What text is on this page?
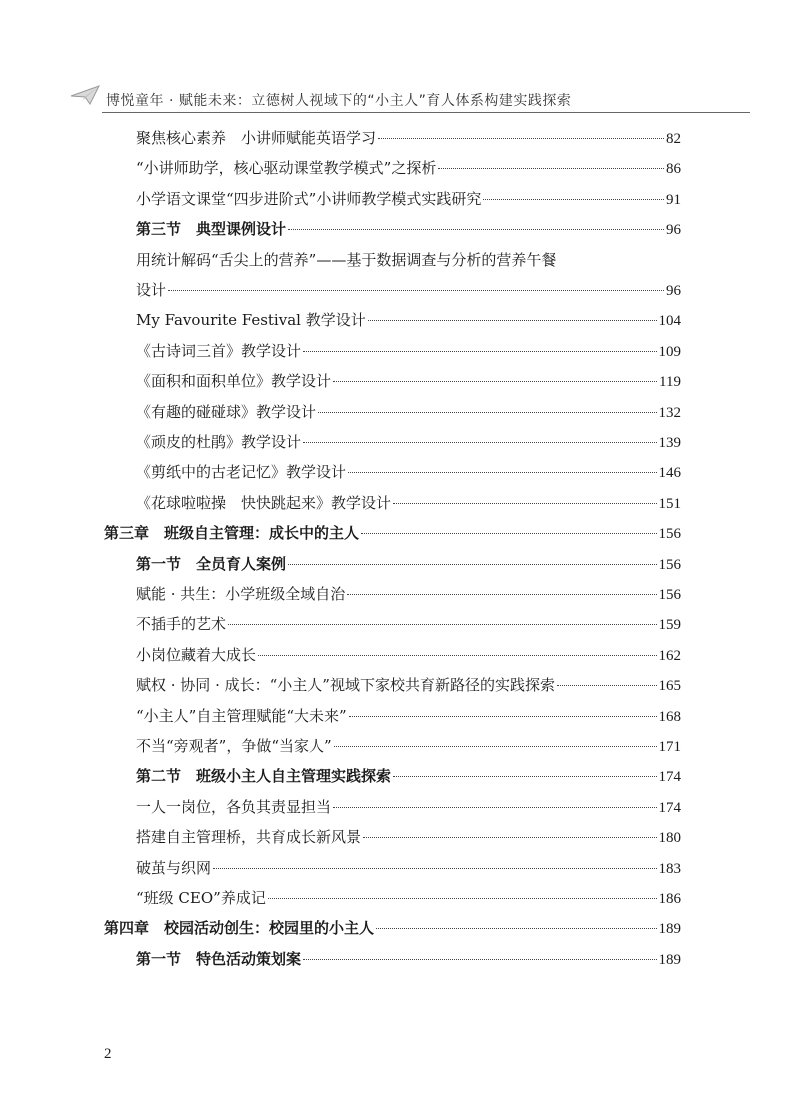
博悦童年 · 赋能未来：立德树人视域下的“小主人”育人体系构建实践探索
聚焦核心素养　小讲师赋能英语学习	82
“小讲师助学，核心驱动课堂教学模式”之探析	86
小学语文课堂“四步进阶式”小讲师教学模式实践研究	91
第三节　典型课例设计	96
用统计解码“舌尖上的营养”——基于数据调查与分析的营养午餐
设计	96
My Favourite Festival 教学设计	104
《古诗词三首》教学设计	109
《面积和面积单位》教学设计	119
《有趣的碰碰球》教学设计	132
《顽皮的杜鹃》教学设计	139
《剪纸中的古老记忆》教学设计	146
《花球啦啦操　快快跳起来》教学设计	151
第三章　班级自主管理：成长中的主人	156
第一节　全员育人案例	156
赋能 · 共生：小学班级全域自治	156
不插手的艺术	159
小岗位藏着大成长	162
赋权 · 协同 · 成长：“小主人”视域下家校共育新路径的实践探索	165
“小主人”自主管理赋能“大未来”	168
不当“旁观者”，争做“当家人”	171
第二节　班级小主人自主管理实践探索	174
一人一岗位，各负其责显担当	174
搭建自主管理桥，共育成长新风景	180
破茧与织网	183
“班级 CEO”养成记	186
第四章　校园活动创生：校园里的小主人	189
第一节　特色活动策划案	189
2
